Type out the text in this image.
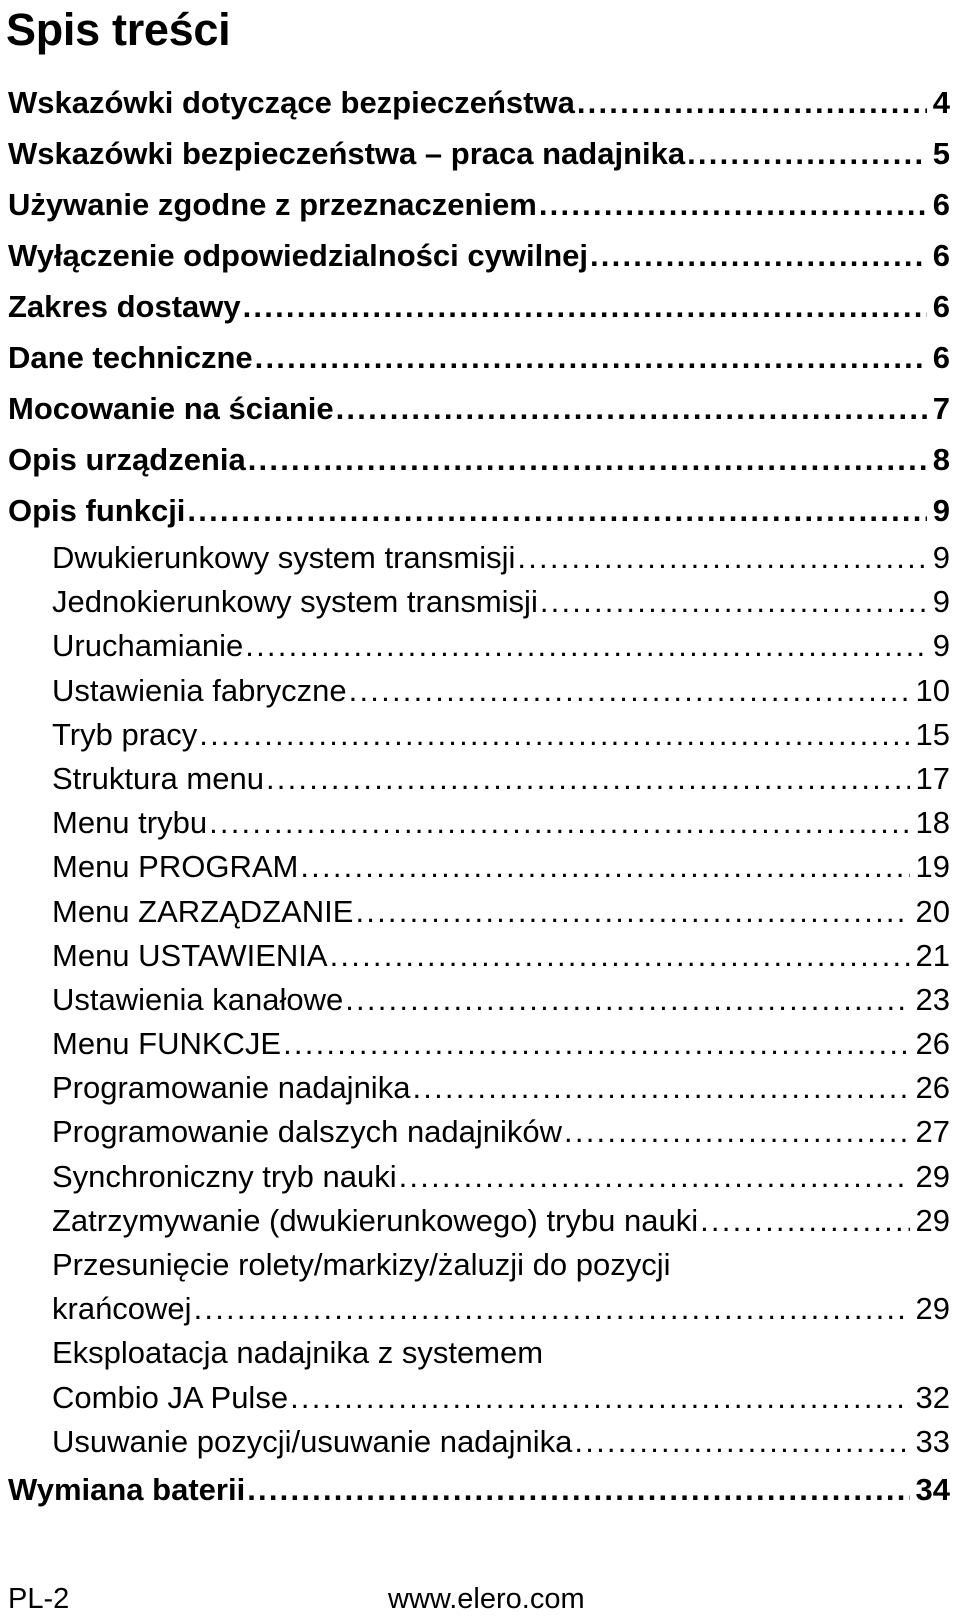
Spis treści
Wskazówki dotyczące bezpieczeństwa . . .	4
Wskazówki bezpieczeństwa – praca nadajnika . . .	5
Używanie zgodne z przeznaczeniem . . .	6
Wyłączenie odpowiedzialności cywilnej . . .	6
Zakres dostawy . . .	6
Dane techniczne . . .	6
Mocowanie na ścianie . . .	7
Opis urządzenia . . .	8
Opis funkcji . . .	9
Dwukierunkowy system transmisji . . .	9
Jednokierunkowy system transmisji . . .	9
Uruchamianie . . .	9
Ustawienia fabryczne . . .	10
Tryb pracy . . .	15
Struktura menu . . .	17
Menu trybu . . .	18
Menu PROGRAM . . .	19
Menu ZARZĄDZANIE . . .	20
Menu USTAWIENIA . . .	21
Ustawienia kanałowe . . .	23
Menu FUNKCJE . . .	26
Programowanie nadajnika . . .	26
Programowanie dalszych nadajników . . .	27
Synchroniczny tryb nauki . . .	29
Zatrzymywanie (dwukierunkowego) trybu nauki . . .	29
Przesunięcie rolety/markizy/żaluzji do pozycji
krańcowej . . .	29
Eksploatacja nadajnika z systemem
Combio JA Pulse . . .	32
Usuwanie pozycji/usuwanie nadajnika . . .	33
Wymiana baterii . . .	34
PL-2	www.elero.com
